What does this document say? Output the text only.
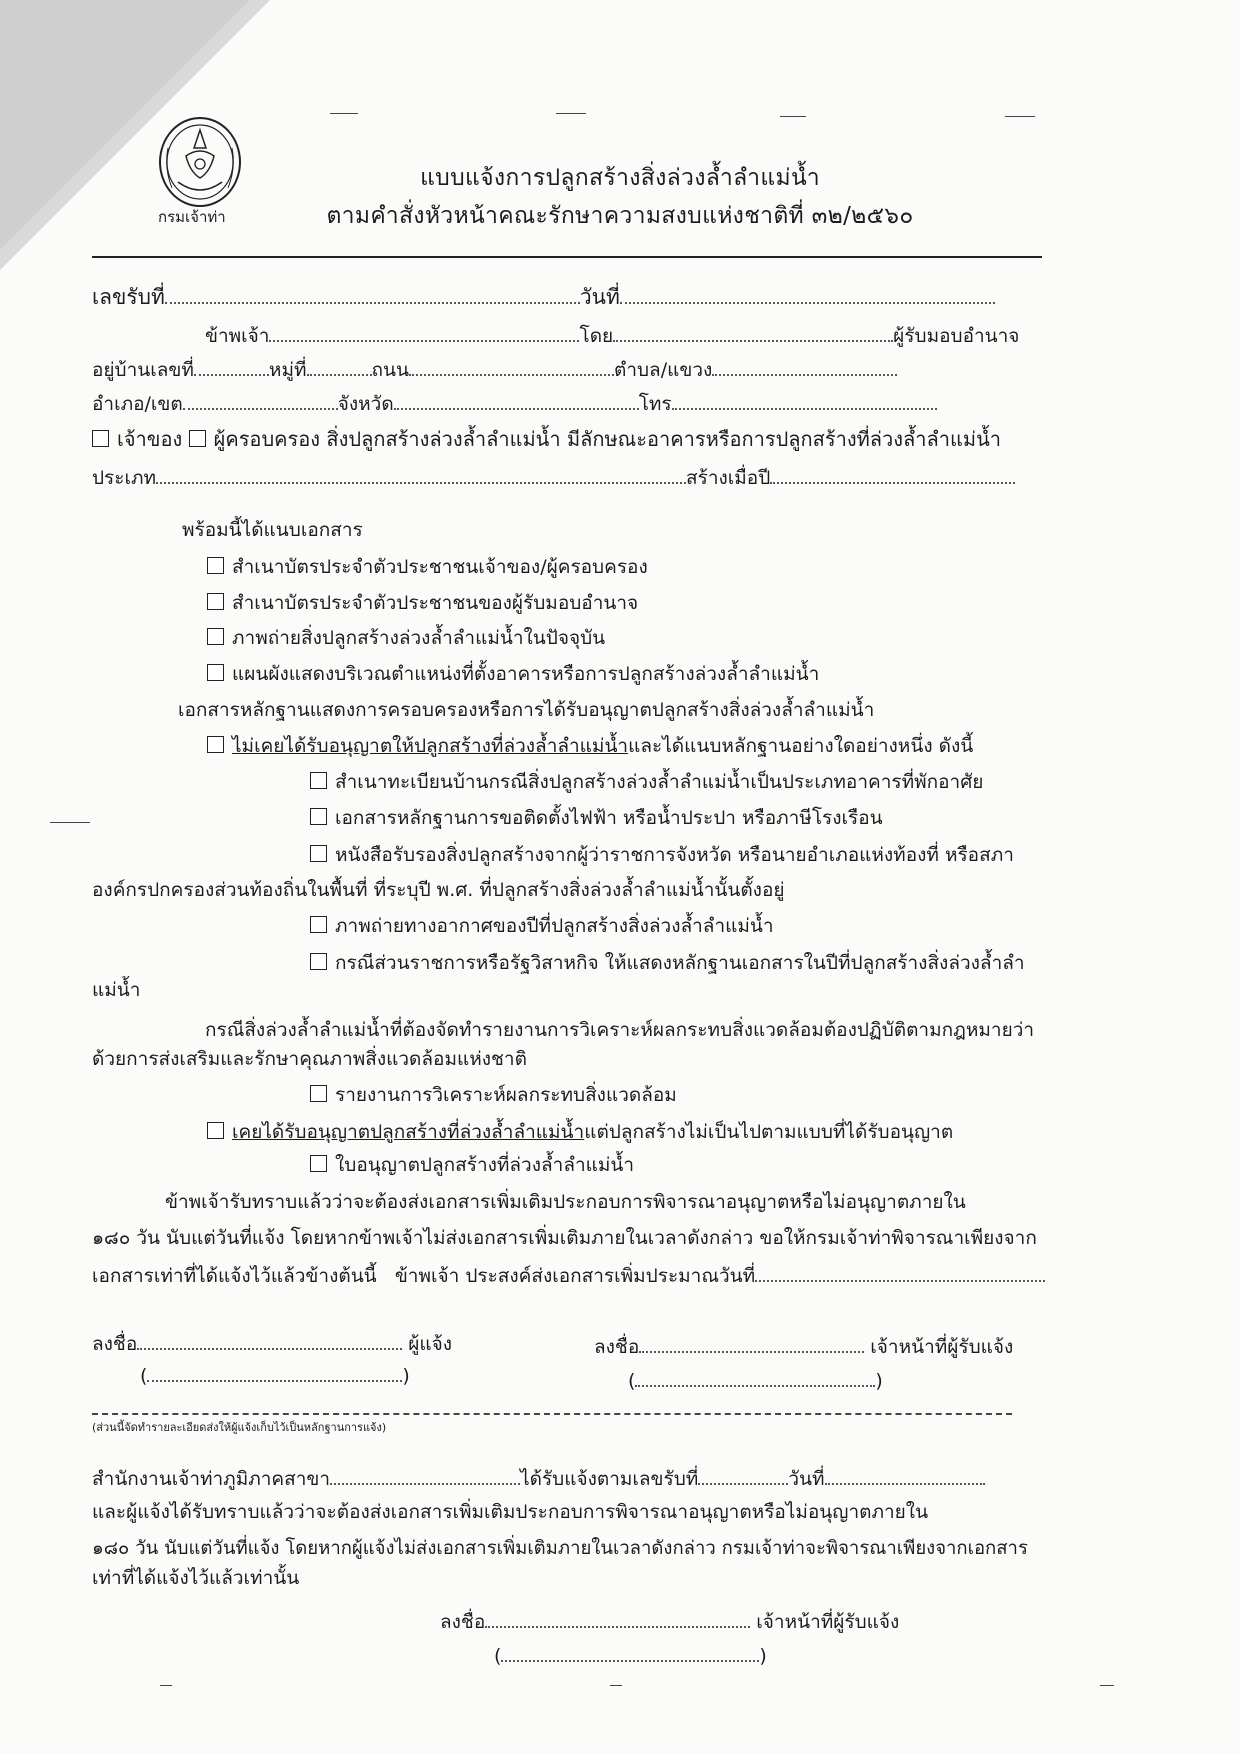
กรมเจ้าท่า
แบบแจ้งการปลูกสร้างสิ่งล่วงล้ำลำแม่น้ำ
ตามคำสั่งหัวหน้าคณะรักษาความสงบแห่งชาติที่ ๓๒/๒๕๖๐
เลขรับที่	วันที่
ข้าพเจ้า	โดย	ผู้รับมอบอำนาจ
อยู่บ้านเลขที่	หมู่ที่	ถนน	ตำบล/แขวง
อำเภอ/เขต	จังหวัด	โทร
เจ้าของ ผู้ครอบครอง สิ่งปลูกสร้างล่วงล้ำลำแม่น้ำ มีลักษณะอาคารหรือการปลูกสร้างที่ล่วงล้ำลำแม่น้ำ
ประเภท	สร้างเมื่อปี
พร้อมนี้ได้แนบเอกสาร
สำเนาบัตรประจำตัวประชาชนเจ้าของ/ผู้ครอบครอง
สำเนาบัตรประจำตัวประชาชนของผู้รับมอบอำนาจ
ภาพถ่ายสิ่งปลูกสร้างล่วงล้ำลำแม่น้ำในปัจจุบัน
แผนผังแสดงบริเวณตำแหน่งที่ตั้งอาคารหรือการปลูกสร้างล่วงล้ำลำแม่น้ำ
เอกสารหลักฐานแสดงการครอบครองหรือการได้รับอนุญาตปลูกสร้างสิ่งล่วงล้ำลำแม่น้ำ
ไม่เคยได้รับอนุญาตให้ปลูกสร้างที่ล่วงล้ำลำแม่น้ำและได้แนบหลักฐานอย่างใดอย่างหนึ่ง ดังนี้
สำเนาทะเบียนบ้านกรณีสิ่งปลูกสร้างล่วงล้ำลำแม่น้ำเป็นประเภทอาคารที่พักอาศัย
เอกสารหลักฐานการขอติดตั้งไฟฟ้า หรือน้ำประปา หรือภาษีโรงเรือน
หนังสือรับรองสิ่งปลูกสร้างจากผู้ว่าราชการจังหวัด หรือนายอำเภอแห่งท้องที่ หรือสภา
องค์กรปกครองส่วนท้องถิ่นในพื้นที่ ที่ระบุปี พ.ศ. ที่ปลูกสร้างสิ่งล่วงล้ำลำแม่น้ำนั้นตั้งอยู่
ภาพถ่ายทางอากาศของปีที่ปลูกสร้างสิ่งล่วงล้ำลำแม่น้ำ
กรณีส่วนราชการหรือรัฐวิสาหกิจ ให้แสดงหลักฐานเอกสารในปีที่ปลูกสร้างสิ่งล่วงล้ำลำ
แม่น้ำ
กรณีสิ่งล่วงล้ำลำแม่น้ำที่ต้องจัดทำรายงานการวิเคราะห์ผลกระทบสิ่งแวดล้อมต้องปฏิบัติตามกฎหมายว่า
ด้วยการส่งเสริมและรักษาคุณภาพสิ่งแวดล้อมแห่งชาติ
รายงานการวิเคราะห์ผลกระทบสิ่งแวดล้อม
เคยได้รับอนุญาตปลูกสร้างที่ล่วงล้ำลำแม่น้ำแต่ปลูกสร้างไม่เป็นไปตามแบบที่ได้รับอนุญาต
ใบอนุญาตปลูกสร้างที่ล่วงล้ำลำแม่น้ำ
ข้าพเจ้ารับทราบแล้วว่าจะต้องส่งเอกสารเพิ่มเติมประกอบการพิจารณาอนุญาตหรือไม่อนุญาตภายใน
๑๘๐ วัน นับแต่วันที่แจ้ง โดยหากข้าพเจ้าไม่ส่งเอกสารเพิ่มเติมภายในเวลาดังกล่าว ขอให้กรมเจ้าท่าพิจารณาเพียงจาก
เอกสารเท่าที่ได้แจ้งไว้แล้วข้างต้นนี้ ข้าพเจ้า ประสงค์ส่งเอกสารเพิ่มประมาณวันที่
ลงชื่อ	ผู้แจ้ง
(	)
ลงชื่อ	เจ้าหน้าที่ผู้รับแจ้ง
(	)
(ส่วนนี้จัดทำรายละเอียดส่งให้ผู้แจ้งเก็บไว้เป็นหลักฐานการแจ้ง)
สำนักงานเจ้าท่าภูมิภาคสาขา	ได้รับแจ้งตามเลขรับที่	วันที่
และผู้แจ้งได้รับทราบแล้วว่าจะต้องส่งเอกสารเพิ่มเติมประกอบการพิจารณาอนุญาตหรือไม่อนุญาตภายใน
๑๘๐ วัน นับแต่วันที่แจ้ง โดยหากผู้แจ้งไม่ส่งเอกสารเพิ่มเติมภายในเวลาดังกล่าว กรมเจ้าท่าจะพิจารณาเพียงจากเอกสาร
เท่าที่ได้แจ้งไว้แล้วเท่านั้น
ลงชื่อ	เจ้าหน้าที่ผู้รับแจ้ง
(	)
